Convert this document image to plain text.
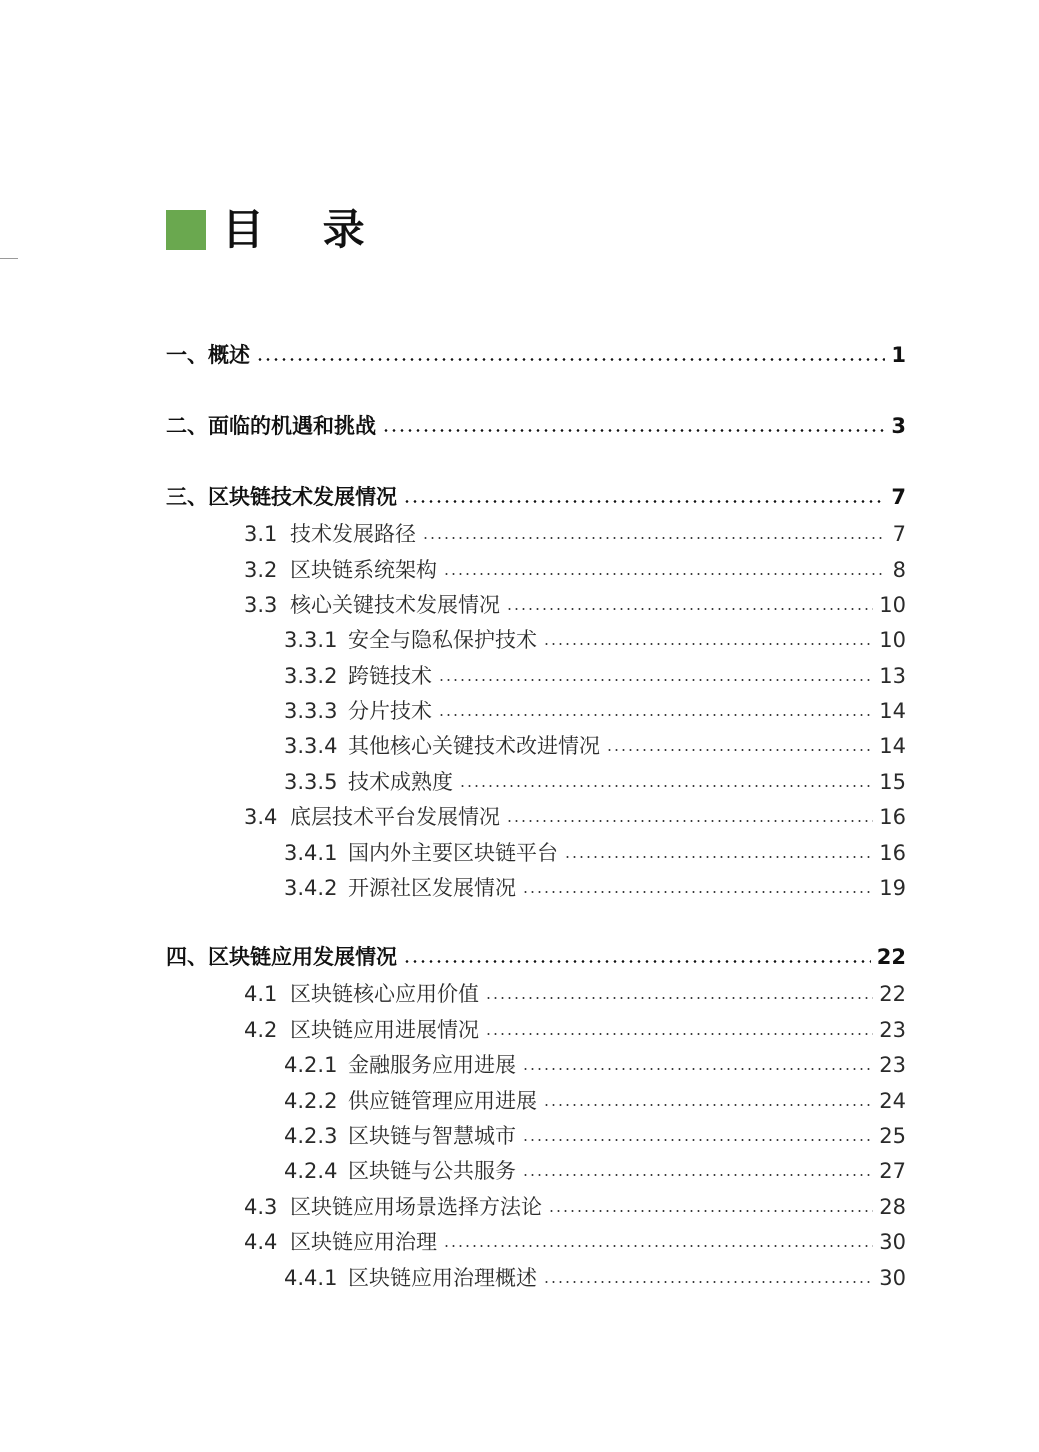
目 录
一、概述	1
二、面临的机遇和挑战	3
三、区块链技术发展情况	7
3.1 技术发展路径	7
3.2 区块链系统架构	8
3.3 核心关键技术发展情况	10
3.3.1 安全与隐私保护技术	10
3.3.2 跨链技术	13
3.3.3 分片技术	14
3.3.4 其他核心关键技术改进情况	14
3.3.5 技术成熟度	15
3.4 底层技术平台发展情况	16
3.4.1 国内外主要区块链平台	16
3.4.2 开源社区发展情况	19
四、区块链应用发展情况	22
4.1 区块链核心应用价值	22
4.2 区块链应用进展情况	23
4.2.1 金融服务应用进展	23
4.2.2 供应链管理应用进展	24
4.2.3 区块链与智慧城市	25
4.2.4 区块链与公共服务	27
4.3 区块链应用场景选择方法论	28
4.4 区块链应用治理	30
4.4.1 区块链应用治理概述	30
